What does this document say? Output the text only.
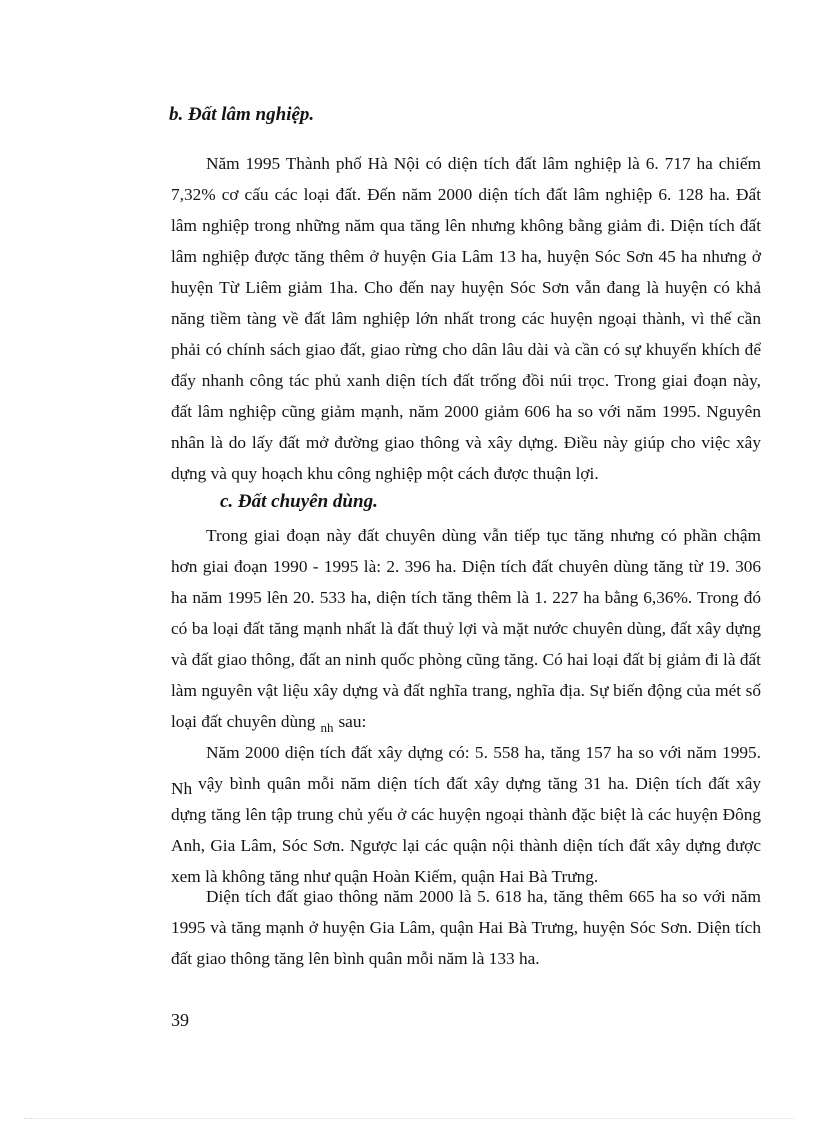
b. Đất lâm nghiệp.

Năm 1995 Thành phố Hà Nội có diện tích đất lâm nghiệp là 6. 717 ha chiếm 7,32% cơ cấu các loại đất. Đến năm 2000 diện tích đất lâm nghiệp 6. 128 ha. Đất lâm nghiệp trong những năm qua tăng lên nhưng không bằng giảm đi. Diện tích đất lâm nghiệp được tăng thêm ở huyện Gia Lâm 13 ha, huyện Sóc Sơn 45 ha nhưng ở huyện Từ Liêm giảm 1ha. Cho đến nay huyện Sóc Sơn vẫn đang là huyện có khả năng tiềm tàng về đất lâm nghiệp lớn nhất trong các huyện ngoại thành, vì thế cần phải có chính sách giao đất, giao rừng cho dân lâu dài và cần có sự khuyến khích để đẩy nhanh công tác phủ xanh diện tích đất trống đồi núi trọc. Trong giai đoạn này, đất lâm nghiệp cũng giảm mạnh, năm 2000 giảm 606 ha so với năm 1995. Nguyên nhân là do lấy đất mở đường giao thông và xây dựng. Điều này giúp cho việc xây dựng và quy hoạch khu công nghiệp một cách được thuận lợi.

c. Đất chuyên dùng.

Trong giai đoạn này đất chuyên dùng vẫn tiếp tục tăng nhưng có phần chậm hơn giai đoạn 1990 - 1995 là: 2. 396 ha. Diện tích đất chuyên dùng tăng từ 19. 306 ha năm 1995 lên 20. 533 ha, diện tích tăng thêm là 1. 227 ha bằng 6,36%. Trong đó có ba loại đất tăng mạnh nhất là đất thuỷ lợi và mặt nước chuyên dùng, đất xây dựng và đất giao thông, đất an ninh quốc phòng cũng tăng. Có hai loại đất bị giảm đi là đất làm nguyên vật liệu xây dựng và đất nghĩa trang, nghĩa địa. Sự biến động của mét số loại đất chuyên dùng $_{nh}$ sau:

Năm 2000 diện tích đất xây dựng có: 5. 558 ha, tăng 157 ha so với năm 1995. Nh vậy bình quân mỗi năm diện tích đất xây dựng tăng 31 ha. Diện tích đất xây dựng tăng lên tập trung chủ yếu ở các huyện ngoại thành đặc biệt là các huyện Đông Anh, Gia Lâm, Sóc Sơn. Ngược lại các quận nội thành diện tích đất xây dựng được xem là không tăng như quận Hoàn Kiếm, quận Hai Bà Trưng.

Diện tích đất giao thông năm 2000 là 5. 618 ha, tăng thêm 665 ha so với năm 1995 và tăng mạnh ở huyện Gia Lâm, quận Hai Bà Trưng, huyện Sóc Sơn. Diện tích đất giao thông tăng lên bình quân mỗi năm là 133 ha.

39
